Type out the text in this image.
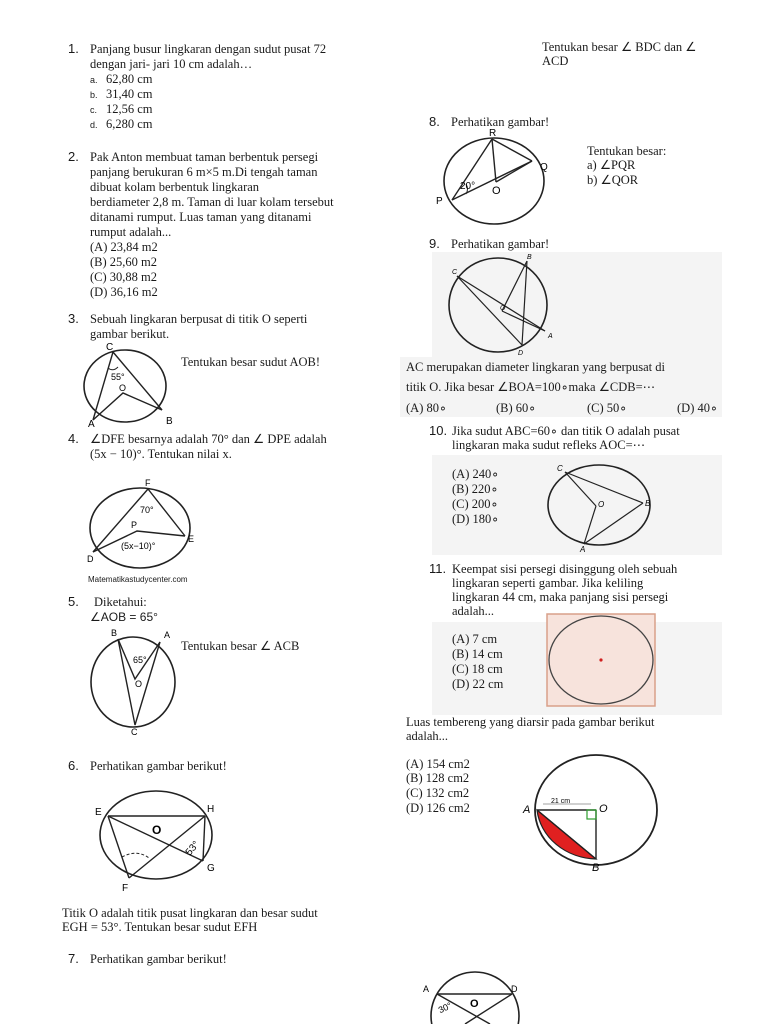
1. Panjang busur lingkaran dengan sudut pusat 72
dengan jari- jari 10 cm adalah…
a. 62,80 cm
b. 31,40 cm
c. 12,56 cm
d. 6,280 cm
2. Pak Anton membuat taman berbentuk persegi
panjang berukuran 6 m×5 m.Di tengah taman
dibuat kolam berbentuk lingkaran
berdiameter 2,8 m. Taman di luar kolam tersebut
ditanami rumput. Luas taman yang ditanami
rumput adalah...
(A) 23,84 m2
(B) 25,60 m2
(C) 30,88 m2
(D) 36,16 m2
3. Sebuah lingkaran berpusat di titik O seperti
gambar berikut.
Tentukan besar sudut AOB!
C
55°
O
A	B
4. ∠DFE besarnya adalah 70° dan ∠ DPE adalah
(5x − 10)°. Tentukan nilai x.
F
70°
P
(5x−10)°
D
E
Matematikastudycenter.com
5. Diketahui:
∠AOB = 65°
Tentukan besar ∠ ACB
B	A
65°
O
C
6. Perhatikan gambar berikut!
E	H
O
53°
G
F
Titik O adalah titik pusat lingkaran dan besar sudut
EGH = 53°. Tentukan besar sudut EFH
7. Perhatikan gambar berikut!
A	D
30° O
Tentukan besar ∠ BDC dan ∠
ACD
8. Perhatikan gambar!
Tentukan besar:
a) ∠PQR
b) ∠QOR
R
Q
P
O
20°
9. Perhatikan gambar!
C
B
O
A
D
AC merupakan diameter lingkaran yang berpusat di
titik O. Jika besar ∠BOA=100∘maka ∠CDB=⋯
(A) 80∘	(B) 60∘	(C) 50∘	(D) 40∘
10. Jika sudut ABC=60∘ dan titik O adalah pusat
lingkaran maka sudut refleks AOC=⋯
(A) 240∘
(B) 220∘
(C) 200∘
(D) 180∘
C
O	B
A
11. Keempat sisi persegi disinggung oleh sebuah
lingkaran seperti gambar. Jika keliling
lingkaran 44 cm, maka panjang sisi persegi
adalah...
(A) 7 cm
(B) 14 cm
(C) 18 cm
(D) 22 cm
Luas tembereng yang diarsir pada gambar berikut
adalah...
(A) 154 cm2
(B) 128 cm2
(C) 132 cm2
(D) 126 cm2	21 cm
A	O
B
